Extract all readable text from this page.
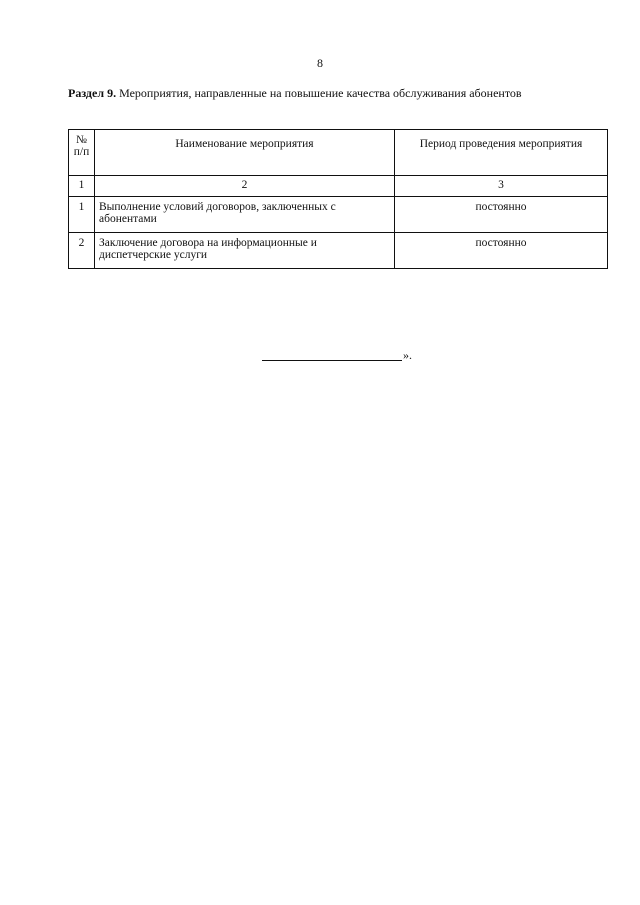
8
Раздел 9. Мероприятия, направленные на повышение качества обслуживания абонентов
№ п/п	Наименование мероприятия	Период проведения мероприятия
1	2	3
1	Выполнение условий договоров, заключенных с абонентами	постоянно
2	Заключение договора на информационные и диспетчерские услуги	постоянно
».
